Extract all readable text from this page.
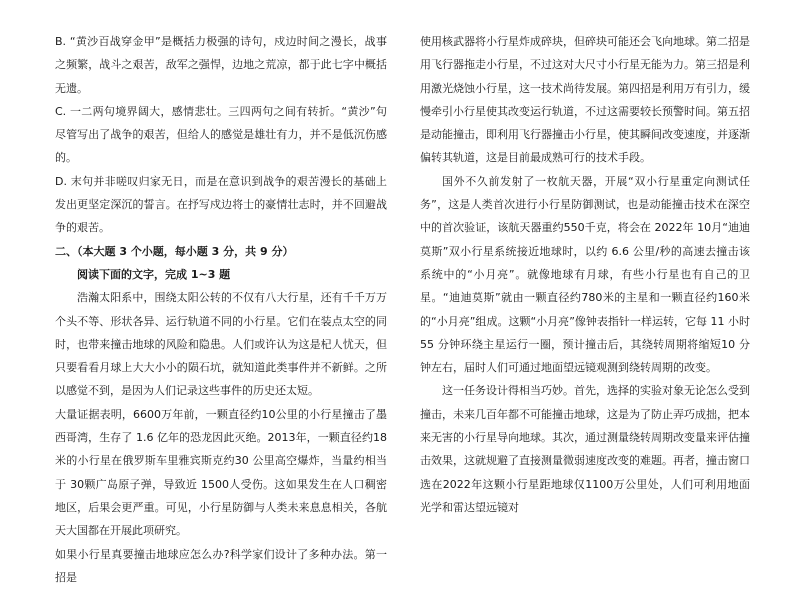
B. “黄沙百战穿金甲”是概括力极强的诗句，戍边时间之漫长，战事之频繁，战斗之艰苦，敌军之强悍，边地之荒凉，都于此七字中概括无遗。

C. 一二两句境界阔大，感情悲壮。三四两句之间有转折。“黄沙”句尽管写出了战争的艰苦，但给人的感觉是雄壮有力，并不是低沉伤感的。

D. 末句并非嗟叹归家无日，而是在意识到战争的艰苦漫长的基础上发出更坚定深沉的誓言。在抒写戍边将士的豪情壮志时，并不回避战争的艰苦。

二、（本大题 3 个小题，每小题 3 分，共 9 分）

阅读下面的文字，完成 1~3 题

浩瀚太阳系中，围绕太阳公转的不仅有八大行星，还有千千万万个头不等、形状各异、运行轨道不同的小行星。它们在装点太空的同时，也带来撞击地球的风险和隐患。人们或许认为这是杞人忧天，但只要看看月球上大大小小的陨石坑，就知道此类事件并不新鲜。之所以感觉不到，是因为人们记录这些事件的历史还太短。

大量证据表明，6600万年前，一颗直径约10公里的小行星撞击了墨西哥湾，生存了 1.6 亿年的恐龙因此灭绝。2013年，一颗直径约18米的小行星在俄罗斯车里雅宾斯克约30 公里高空爆炸，当量约相当于 30颗广岛原子弹，导致近 1500人受伤。这如果发生在人口稠密地区，后果会更严重。可见，小行星防御与人类未来息息相关，各航天大国都在开展此项研究。

如果小行星真要撞击地球应怎么办?科学家们设计了多种办法。第一招是

使用核武器将小行星炸成碎块，但碎块可能还会飞向地球。第二招是用飞行器拖走小行星，不过这对大尺寸小行星无能为力。第三招是利用激光烧蚀小行星，这一技术尚待发展。第四招是利用万有引力，缓慢牵引小行星使其改变运行轨道，不过这需要较长预警时间。第五招是动能撞击，即利用飞行器撞击小行星，使其瞬间改变速度，并逐渐偏转其轨道，这是目前最成熟可行的技术手段。

国外不久前发射了一枚航天器，开展“双小行星重定向测试任务”，这是人类首次进行小行星防御测试，也是动能撞击技术在深空中的首次验证，该航天器重约550千克，将会在 2022年 10月“迪迪莫斯”双小行星系统接近地球时，以约 6.6 公里/秒的高速去撞击该系统中的“小月亮”。就像地球有月球，有些小行星也有自己的卫星。“迪迪莫斯”就由一颗直径约780米的主星和一颗直径约160米的“小月亮”组成。这颗“小月亮”像钟表指针一样运转，它每 11 小时 55 分钟环绕主星运行一圈，预计撞击后，其绕转周期将缩短10 分钟左右，届时人们可通过地面望远镜观测到绕转周期的改变。

这一任务设计得相当巧妙。首先，选择的实验对象无论怎么受到撞击，未来几百年都不可能撞击地球，这是为了防止弄巧成拙，把本来无害的小行星导向地球。其次，通过测量绕转周期改变量来评估撞击效果，这就规避了直接测量微弱速度改变的难题。再者，撞击窗口选在2022年这颗小行星距地球仅1100万公里处，人们可利用地面光学和雷达望远镜对
